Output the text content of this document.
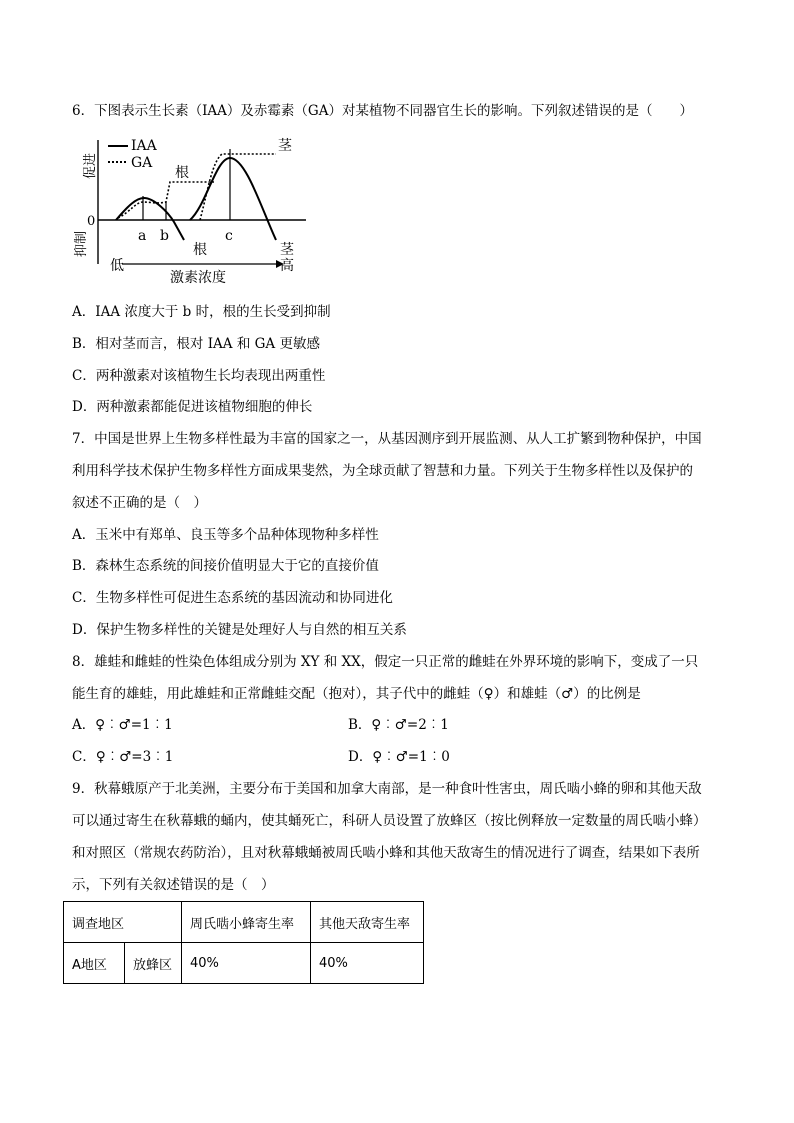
6．下图表示生长素（IAA）及赤霉素（GA）对某植物不同器官生长的影响。下列叙述错误的是（　　）
IAA
GA
促进
抑制
0
a b	c
根
根
茎
茎
低
激素浓度
高
A．IAA 浓度大于 b 时，根的生长受到抑制
B．相对茎而言，根对 IAA 和 GA 更敏感
C．两种激素对该植物生长均表现出两重性
D．两种激素都能促进该植物细胞的伸长
7．中国是世界上生物多样性最为丰富的国家之一，从基因测序到开展监测、从人工扩繁到物种保护，中国
利用科学技术保护生物多样性方面成果斐然，为全球贡献了智慧和力量。下列关于生物多样性以及保护的
叙述不正确的是（　）
A．玉米中有郑单、良玉等多个品种体现物种多样性
B．森林生态系统的间接价值明显大于它的直接价值
C．生物多样性可促进生态系统的基因流动和协同进化
D．保护生物多样性的关键是处理好人与自然的相互关系
8．雄蛙和雌蛙的性染色体组成分别为 XY 和 XX，假定一只正常的雌蛙在外界环境的影响下，变成了一只
能生育的雄蛙，用此雄蛙和正常雌蛙交配（抱对），其子代中的雌蛙（♀）和雄蛙（♂）的比例是
A．♀︰♂=1︰1	B．♀︰♂=2︰1
C．♀︰♂=3︰1	D．♀︰♂=1︰0
9．秋幕蛾原产于北美洲，主要分布于美国和加拿大南部，是一种食叶性害虫，周氏啮小蜂的卵和其他天敌
可以通过寄生在秋幕蛾的蛹内，使其蛹死亡，科研人员设置了放蜂区（按比例释放一定数量的周氏啮小蜂）
和对照区（常规农药防治），且对秋幕蛾蛹被周氏啮小蜂和其他天敌寄生的情况进行了调查，结果如下表所
示，下列有关叙述错误的是（　）
调查地区		周氏啮小蜂寄生率	其他天敌寄生率
A地区	放蜂区	40%	40%
